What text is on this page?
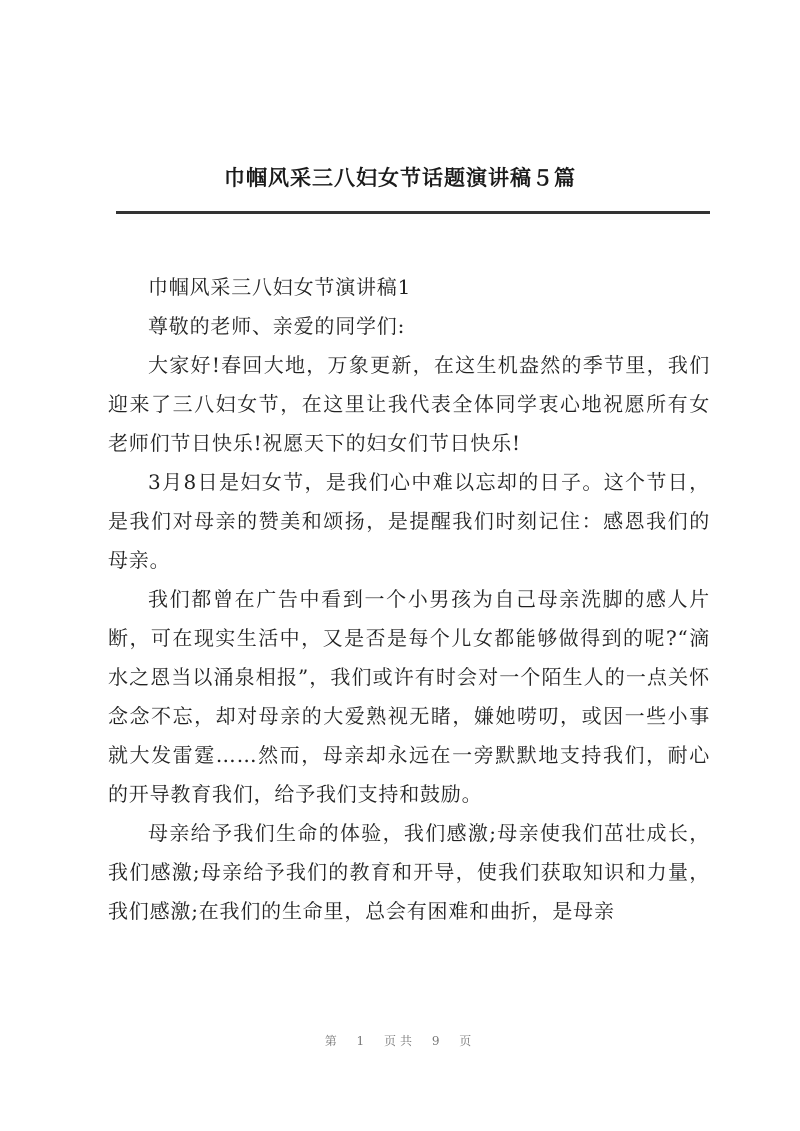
巾帼风采三八妇女节话题演讲稿５篇

巾帼风采三八妇女节演讲稿1

尊敬的老师、亲爱的同学们:

大家好!春回大地，万象更新，在这生机盎然的季节里，我们迎来了三八妇女节，在这里让我代表全体同学衷心地祝愿所有女老师们节日快乐!祝愿天下的妇女们节日快乐!

3月8日是妇女节，是我们心中难以忘却的日子。这个节日，是我们对母亲的赞美和颂扬，是提醒我们时刻记住：感恩我们的母亲。

我们都曾在广告中看到一个小男孩为自己母亲洗脚的感人片断，可在现实生活中，又是否是每个儿女都能够做得到的呢?“滴水之恩当以涌泉相报”，我们或许有时会对一个陌生人的一点关怀念念不忘，却对母亲的大爱熟视无睹，嫌她唠叨，或因一些小事就大发雷霆……然而，母亲却永远在一旁默默地支持我们，耐心的开导教育我们，给予我们支持和鼓励。

母亲给予我们生命的体验，我们感激;母亲使我们茁壮成长，我们感激;母亲给予我们的教育和开导，使我们获取知识和力量，我们感激;在我们的生命里，总会有困难和曲折，是母亲

第 1 页共 9 页
